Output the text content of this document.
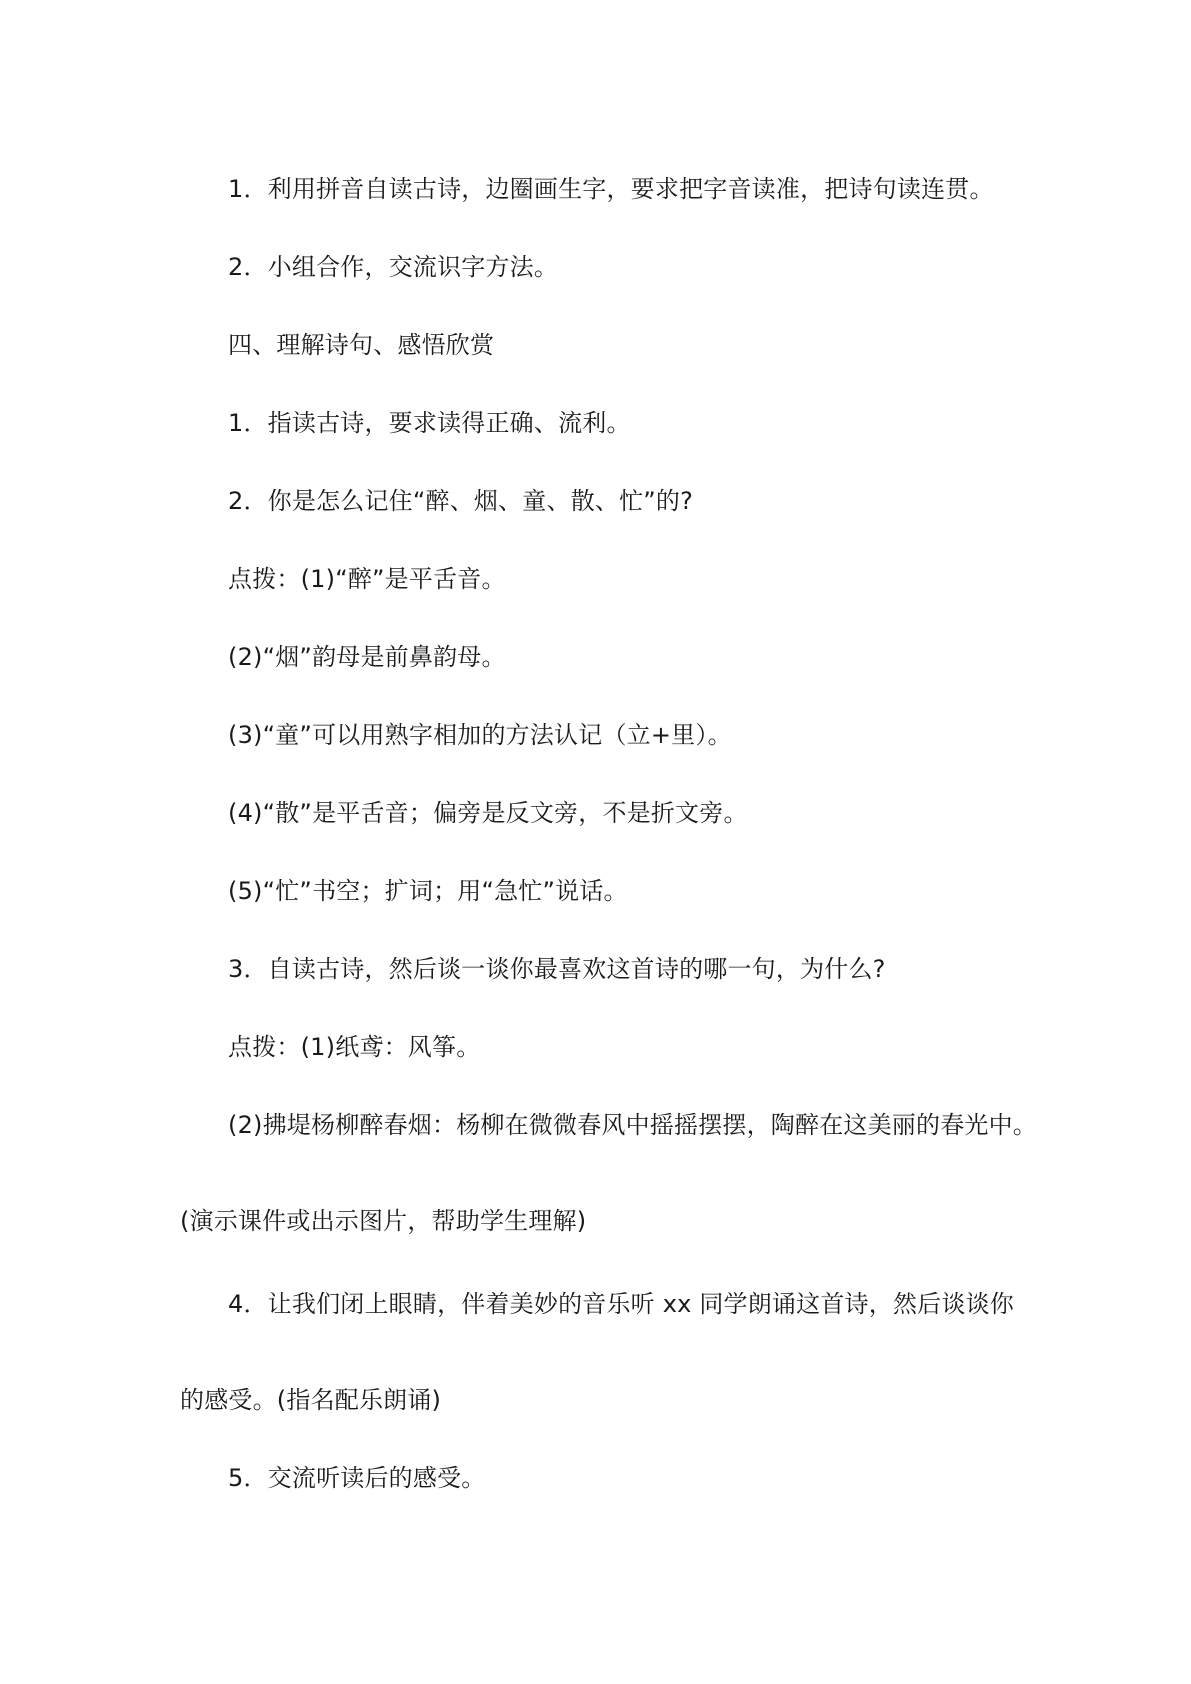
1．利用拼音自读古诗，边圈画生字，要求把字音读准，把诗句读连贯。
2．小组合作，交流识字方法。
四、理解诗句、感悟欣赏
1．指读古诗，要求读得正确、流利。
2．你是怎么记住“醉、烟、童、散、忙”的?
点拨：(1)“醉”是平舌音。
(2)“烟”韵母是前鼻韵母。
(3)“童”可以用熟字相加的方法认记（立+里）。
(4)“散”是平舌音；偏旁是反文旁，不是折文旁。
(5)“忙”书空；扩词；用“急忙”说话。
3．自读古诗，然后谈一谈你最喜欢这首诗的哪一句，为什么?
点拨：(1)纸鸢：风筝。
(2)拂堤杨柳醉春烟：杨柳在微微春风中摇摇摆摆，陶醉在这美丽的春光中。
(演示课件或出示图片，帮助学生理解)
4．让我们闭上眼睛，伴着美妙的音乐听 xx 同学朗诵这首诗，然后谈谈你
的感受。(指名配乐朗诵)
5．交流听读后的感受。
